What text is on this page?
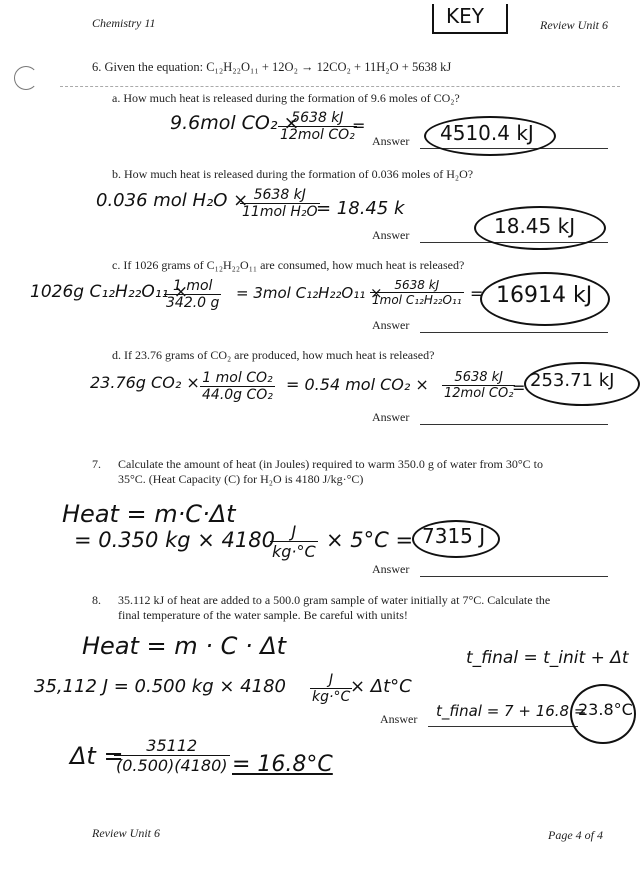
Chemistry 11	KEY	Review Unit 6
6. Given the equation: C₁₂H₂₂O₁₁ + 12O₂ → 12CO₂ + 11H₂O + 5638 kJ
a. How much heat is released during the formation of 9.6 moles of CO₂?
9.6mol CO₂ ×
5638 kJ
12mol CO₂
=
Answer 4510.4 kJ
b. How much heat is released during the formation of 0.036 moles of H₂O?
0.036 mol H₂O × 5638 kJ
11mol H₂O
= 18.45 k
Answer	18.45 kJ
c. If 1026 grams of C₁₂H₂₂O₁₁ are consumed, how much heat is released?
1026g C₁₂H₂₂O₁₁ ×
1 mol
342.0 g
= 3mol C₁₂H₂₂O₁₁ × 5638 kJ
1mol C₁₂H₂₂O₁₁ =
Answer
16914 kJ
d. If 23.76 grams of CO₂ are produced, how much heat is released?
23.76g CO₂ × 1 mol CO₂
44.0g CO₂
= 0.54 mol CO₂ ×	5638 kJ
12mol CO₂
=
Answer
253.71 kJ
7. Calculate the amount of heat (in Joules) required to warm 350.0 g of water from 30°C to
35°C. (Heat Capacity (C) for H₂O is 4180 J/kg·°C)
Heat = m·C·Δt
= 0.350 kg × 4180
$\frac{J}{kg\cdot^\circ C} \times 5^\circ C$ =
Answer
7315 J
8. 35.112 kJ of heat are added to a 500.0 gram sample of water initially at 7°C. Calculate the
final temperature of the water sample. Be careful with units!
Heat = m · C · Δt
35,112 J = 0.500 kg × $4180 \frac{J}{kg\cdot^\circ C}$
× Δt°C
t_final = t_init + Δt
Answer t_final = 7 + 16.8 =
23.8°C
Δt =
$\frac{35112}{(0.500)(4180)} = 16.8^\circ C$
Review Unit 6	Page 4 of 4
